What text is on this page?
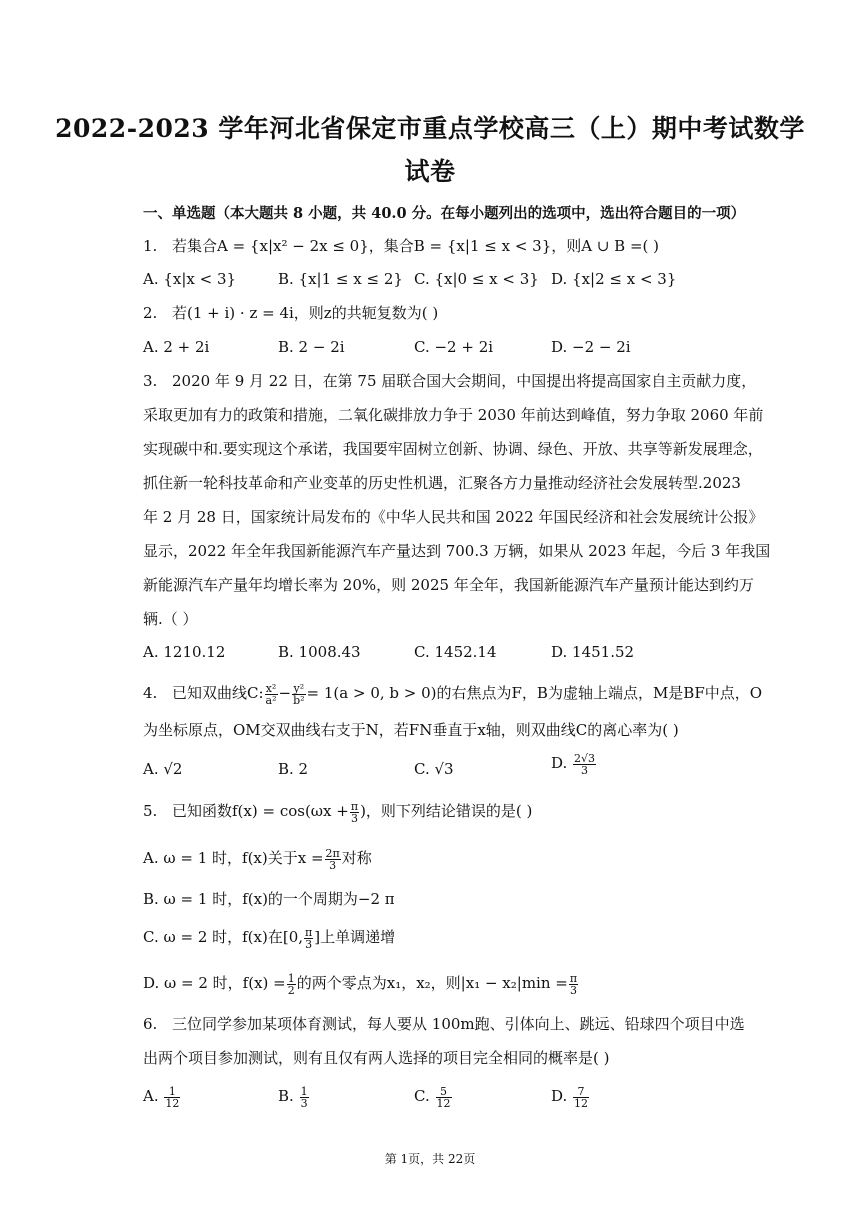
2022-2023 学年河北省保定市重点学校高三（上）期中考试数学
试卷
一、单选题（本大题共 8 小题，共 40.0 分。在每小题列出的选项中，选出符合题目的一项）
1. 若集合A = {x|x² − 2x ≤ 0}，集合B = {x|1 ≤ x < 3}，则A ∪ B =( )
A. {x|x < 3}	B. {x|1 ≤ x ≤ 2} C. {x|0 ≤ x < 3} D. {x|2 ≤ x < 3}
2. 若(1 + i) · z = 4i，则z的共轭复数为( )
A. 2 + 2i	B. 2 − 2i	C. −2 + 2i	D. −2 − 2i
3. 2020 年 9 月 22 日，在第 75 届联合国大会期间，中国提出将提高国家自主贡献力度，
采取更加有力的政策和措施，二氧化碳排放力争于 2030 年前达到峰值，努力争取 2060 年前
实现碳中和.要实现这个承诺，我国要牢固树立创新、协调、绿色、开放、共享等新发展理念，
抓住新一轮科技革命和产业变革的历史性机遇，汇聚各方力量推动经济社会发展转型.2023
年 2 月 28 日，国家统计局发布的《中华人民共和国 2022 年国民经济和社会发展统计公报》
显示，2022 年全年我国新能源汽车产量达到 700.3 万辆，如果从 2023 年起，今后 3 年我国
新能源汽车产量年均增长率为 20%，则 2025 年全年，我国新能源汽车产量预计能达到约万
辆.（ ）
A. 1210.12	B. 1008.43	C. 1452.14	D. 1451.52
4. 已知双曲线C: $\frac{\text{x²}}{\text{a²}} - \frac{\text{y²}}{\text{b²}} = 1(a > 0$, b > 0)的右焦点为F，B为虚轴上端点，M是BF中点，O
为坐标原点，OM交双曲线右支于N，若FN垂直于x轴，则双曲线C的离心率为( )
A. √2	B. 2	C. √3	D. $\frac{2√3}{3}$
5. 已知函数$f(x) = \cos(\omega x + \frac{\pi}{3}$ )，则下列结论错误的是( )
A. ω = 1 时，f(x)关于$x = \frac{2\pi}{3}$ 对称
B. ω = 1 时，f(x)的一个周期为−2 π
C. ω = 2 时，f(x)在[0, $\frac{\pi}{3}$ ]上单调递增
D. ω = 2 时，$f(x) = \frac{1}{2}$ 的两个零点为x₁，x₂，则$|x_1 - x_2|\min = \frac{\pi}{3}$
6. 三位同学参加某项体育测试，每人要从 100m跑、引体向上、跳远、铅球四个项目中选
出两个项目参加测试，则有且仅有两人选择的项目完全相同的概率是( )
A. $\frac{1}{12}$	B. $\frac{1}{3}$	C. $\frac{5}{12}$	D. $\frac{7}{12}$
第 1页，共 22页
